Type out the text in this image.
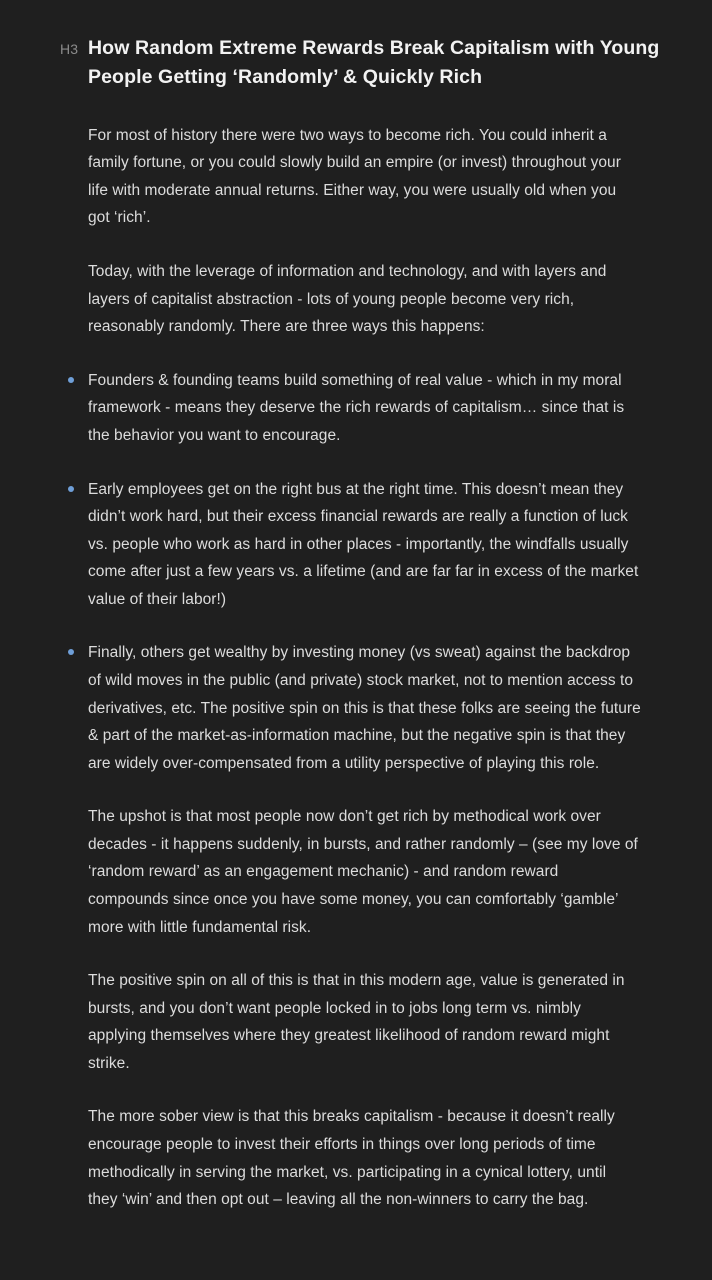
H3 How Random Extreme Rewards Break Capitalism with Young People Getting ‘Randomly’ & Quickly Rich

For most of history there were two ways to become rich. You could inherit a family fortune, or you could slowly build an empire (or invest) throughout your life with moderate annual returns. Either way, you were usually old when you got ‘rich’.

Today, with the leverage of information and technology, and with layers and layers of capitalist abstraction - lots of young people become very rich, reasonably randomly. There are three ways this happens:

Founders & founding teams build something of real value - which in my moral framework - means they deserve the rich rewards of capitalism… since that is the behavior you want to encourage.
Early employees get on the right bus at the right time. This doesn’t mean they didn’t work hard, but their excess financial rewards are really a function of luck vs. people who work as hard in other places - importantly, the windfalls usually come after just a few years vs. a lifetime (and are far far in excess of the market value of their labor!)
Finally, others get wealthy by investing money (vs sweat) against the backdrop of wild moves in the public (and private) stock market, not to mention access to derivatives, etc. The positive spin on this is that these folks are seeing the future & part of the market-as-information machine, but the negative spin is that they are widely over-compensated from a utility perspective of playing this role.

The upshot is that most people now don’t get rich by methodical work over decades - it happens suddenly, in bursts, and rather randomly – (see my love of ‘random reward’ as an engagement mechanic) - and random reward compounds since once you have some money, you can comfortably ‘gamble’ more with little fundamental risk.

The positive spin on all of this is that in this modern age, value is generated in bursts, and you don’t want people locked in to jobs long term vs. nimbly applying themselves where they greatest likelihood of random reward might strike.

The more sober view is that this breaks capitalism - because it doesn’t really encourage people to invest their efforts in things over long periods of time methodically in serving the market, vs. participating in a cynical lottery, until they ‘win’ and then opt out – leaving all the non-winners to carry the bag.
